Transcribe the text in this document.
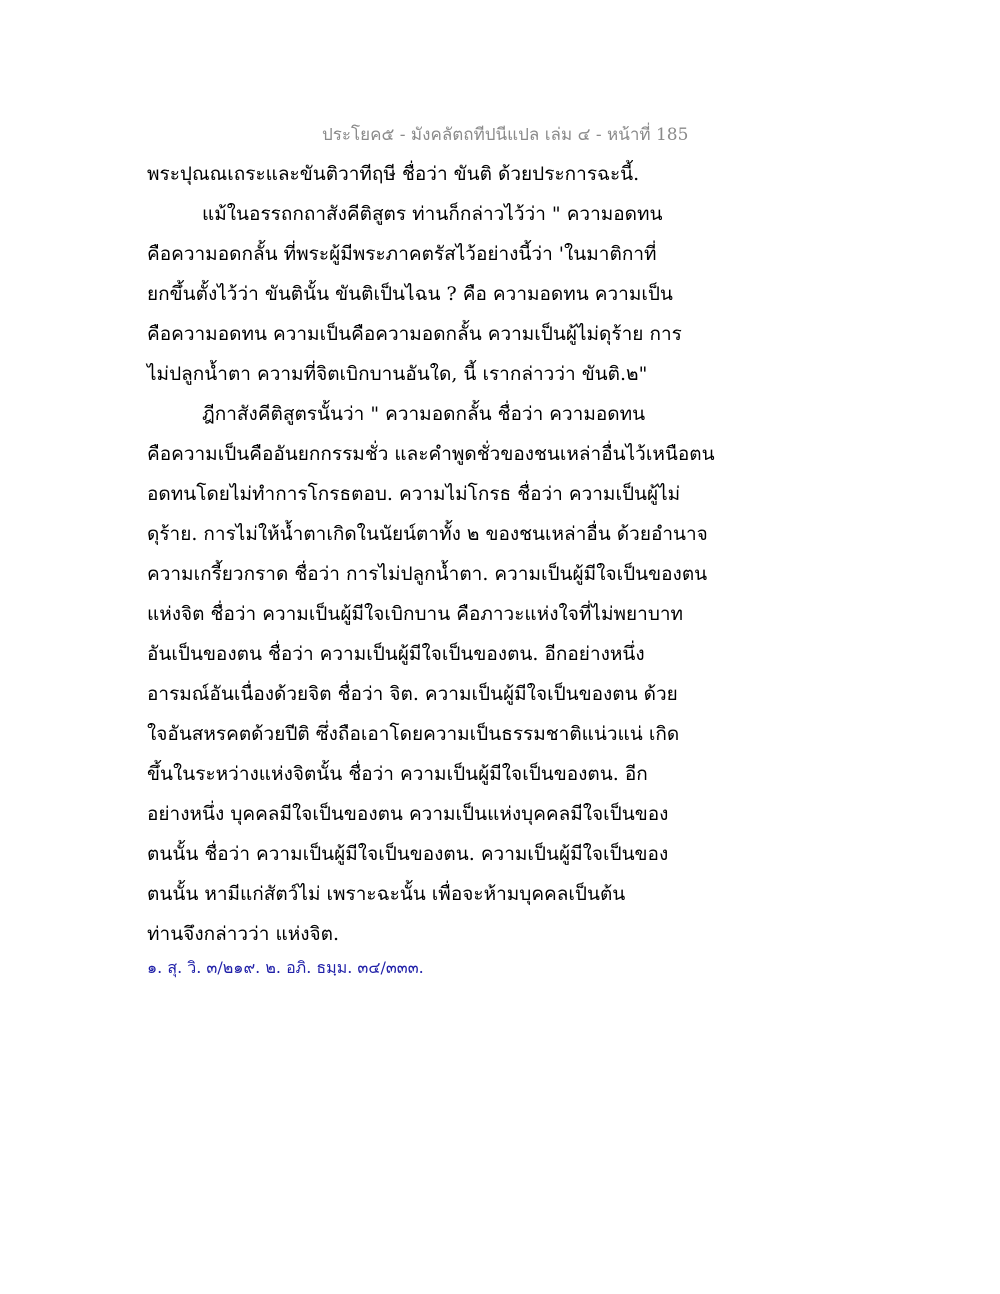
ประโยค๕ - มังคลัตถทีปนีแปล เล่ม ๔ - หน้าที่ 185
พระปุณณเถระและขันติวาทีฤษี ชื่อว่า ขันติ ด้วยประการฉะนี้.
แม้ในอรรถกถาสังคีติสูตร ท่านก็กล่าวไว้ว่า " ความอดทน
คือความอดกลั้น ที่พระผู้มีพระภาคตรัสไว้อย่างนี้ว่า 'ในมาติกาที่
ยกขึ้นตั้งไว้ว่า ขันตินั้น ขันติเป็นไฉน ? คือ ความอดทน ความเป็น
คือความอดทน ความเป็นคือความอดกลั้น ความเป็นผู้ไม่ดุร้าย การ
ไม่ปลูกน้ำตา ความที่จิตเบิกบานอันใด, นี้ เรากล่าวว่า ขันติ.๒"
ฎีกาสังคีติสูตรนั้นว่า " ความอดกลั้น ชื่อว่า ความอดทน
คือความเป็นคืออันยกกรรมชั่ว และคำพูดชั่วของชนเหล่าอื่นไว้เหนือตน
อดทนโดยไม่ทำการโกรธตอบ. ความไม่โกรธ ชื่อว่า ความเป็นผู้ไม่
ดุร้าย. การไม่ให้น้ำตาเกิดในนัยน์ตาทั้ง ๒ ของชนเหล่าอื่น ด้วยอำนาจ
ความเกรี้ยวกราด ชื่อว่า การไม่ปลูกน้ำตา. ความเป็นผู้มีใจเป็นของตน
แห่งจิต ชื่อว่า ความเป็นผู้มีใจเบิกบาน คือภาวะแห่งใจที่ไม่พยาบาท
อันเป็นของตน ชื่อว่า ความเป็นผู้มีใจเป็นของตน. อีกอย่างหนึ่ง
อารมณ์อันเนื่องด้วยจิต ชื่อว่า จิต. ความเป็นผู้มีใจเป็นของตน ด้วย
ใจอันสหรคตด้วยปีติ ซึ่งถือเอาโดยความเป็นธรรมชาติแน่วแน่ เกิด
ขึ้นในระหว่างแห่งจิตนั้น ชื่อว่า ความเป็นผู้มีใจเป็นของตน. อีก
อย่างหนึ่ง บุคคลมีใจเป็นของตน ความเป็นแห่งบุคคลมีใจเป็นของ
ตนนั้น ชื่อว่า ความเป็นผู้มีใจเป็นของตน. ความเป็นผู้มีใจเป็นของ
ตนนั้น หามีแก่สัตว์ไม่ เพราะฉะนั้น เพื่อจะห้ามบุคคลเป็นต้น
ท่านจึงกล่าวว่า แห่งจิต.
๑. สุ. วิ. ๓/๒๑๙. ๒. อภิ. ธมฺม. ๓๔/๓๓๓.
